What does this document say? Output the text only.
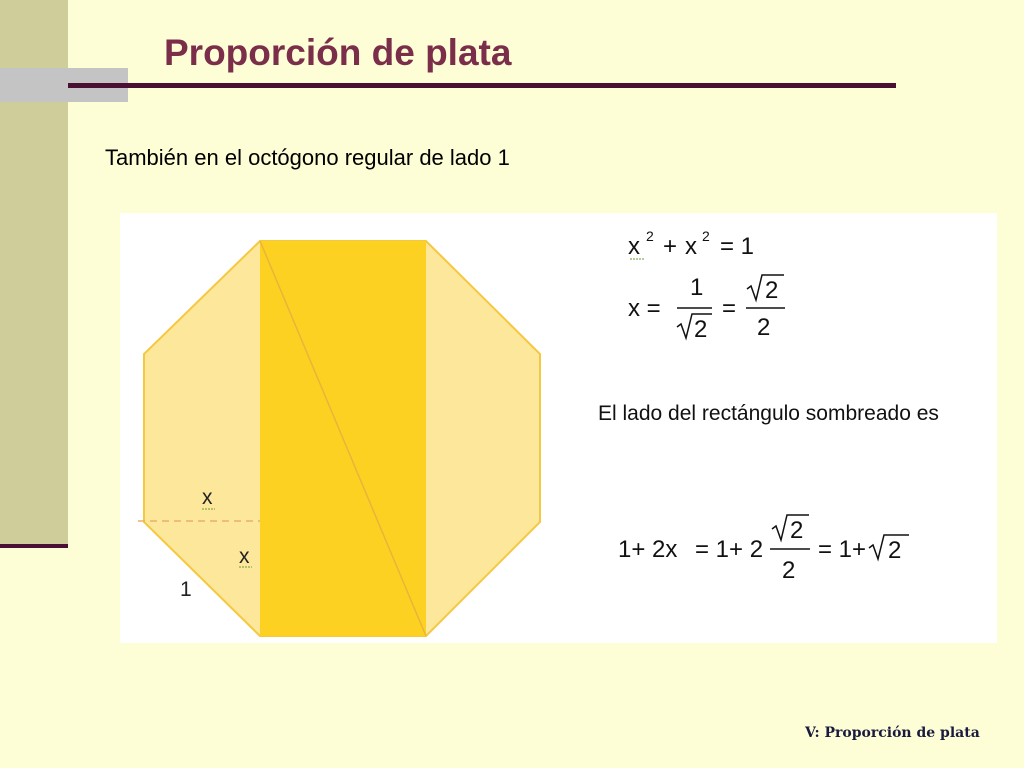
Proporción de plata

También en el octógono regular de lado 1

x
x
1
x 2 + x 2 = 1
x =
1
2
=
2
2
El lado del rectángulo sombreado es
1+ 2x = 1+ 2
2
2
= 1+ 2

V: Proporción de plata
